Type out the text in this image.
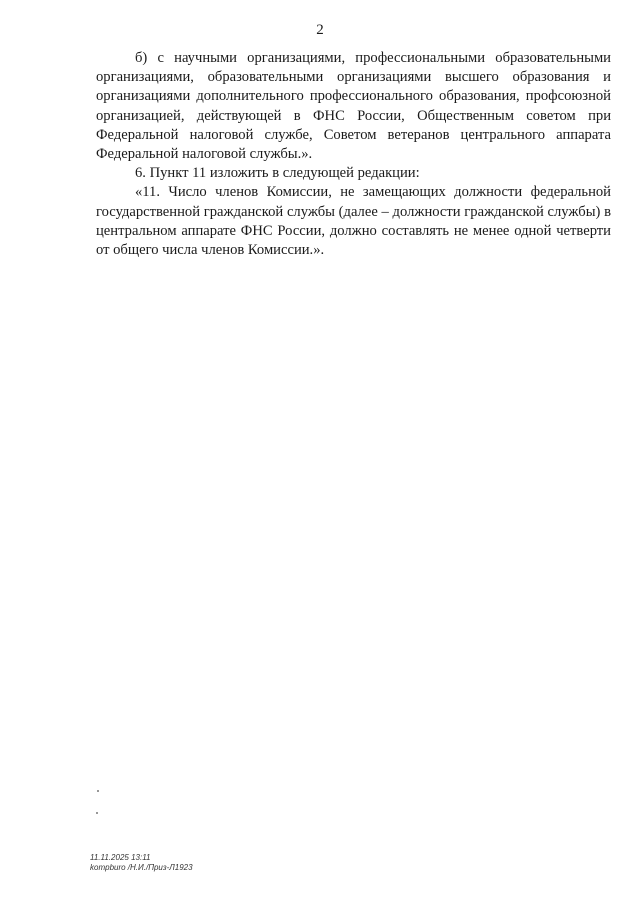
2

б) с научными организациями, профессиональными образовательными организациями, образовательными организациями высшего образования и организациями дополнительного профессионального образования, профсоюзной организацией, действующей в ФНС России, Общественным советом при Федеральной налоговой службе, Советом ветеранов центрального аппарата Федеральной налоговой службы.».

6. Пункт 11 изложить в следующей редакции:

«11. Число членов Комиссии, не замещающих должности федеральной государственной гражданской службы (далее – должности гражданской службы) в центральном аппарате ФНС России, должно составлять не менее одной четверти от общего числа членов Комиссии.».

11.11.2025 13:11
kompburo /Н.И./Приз-Л1923
